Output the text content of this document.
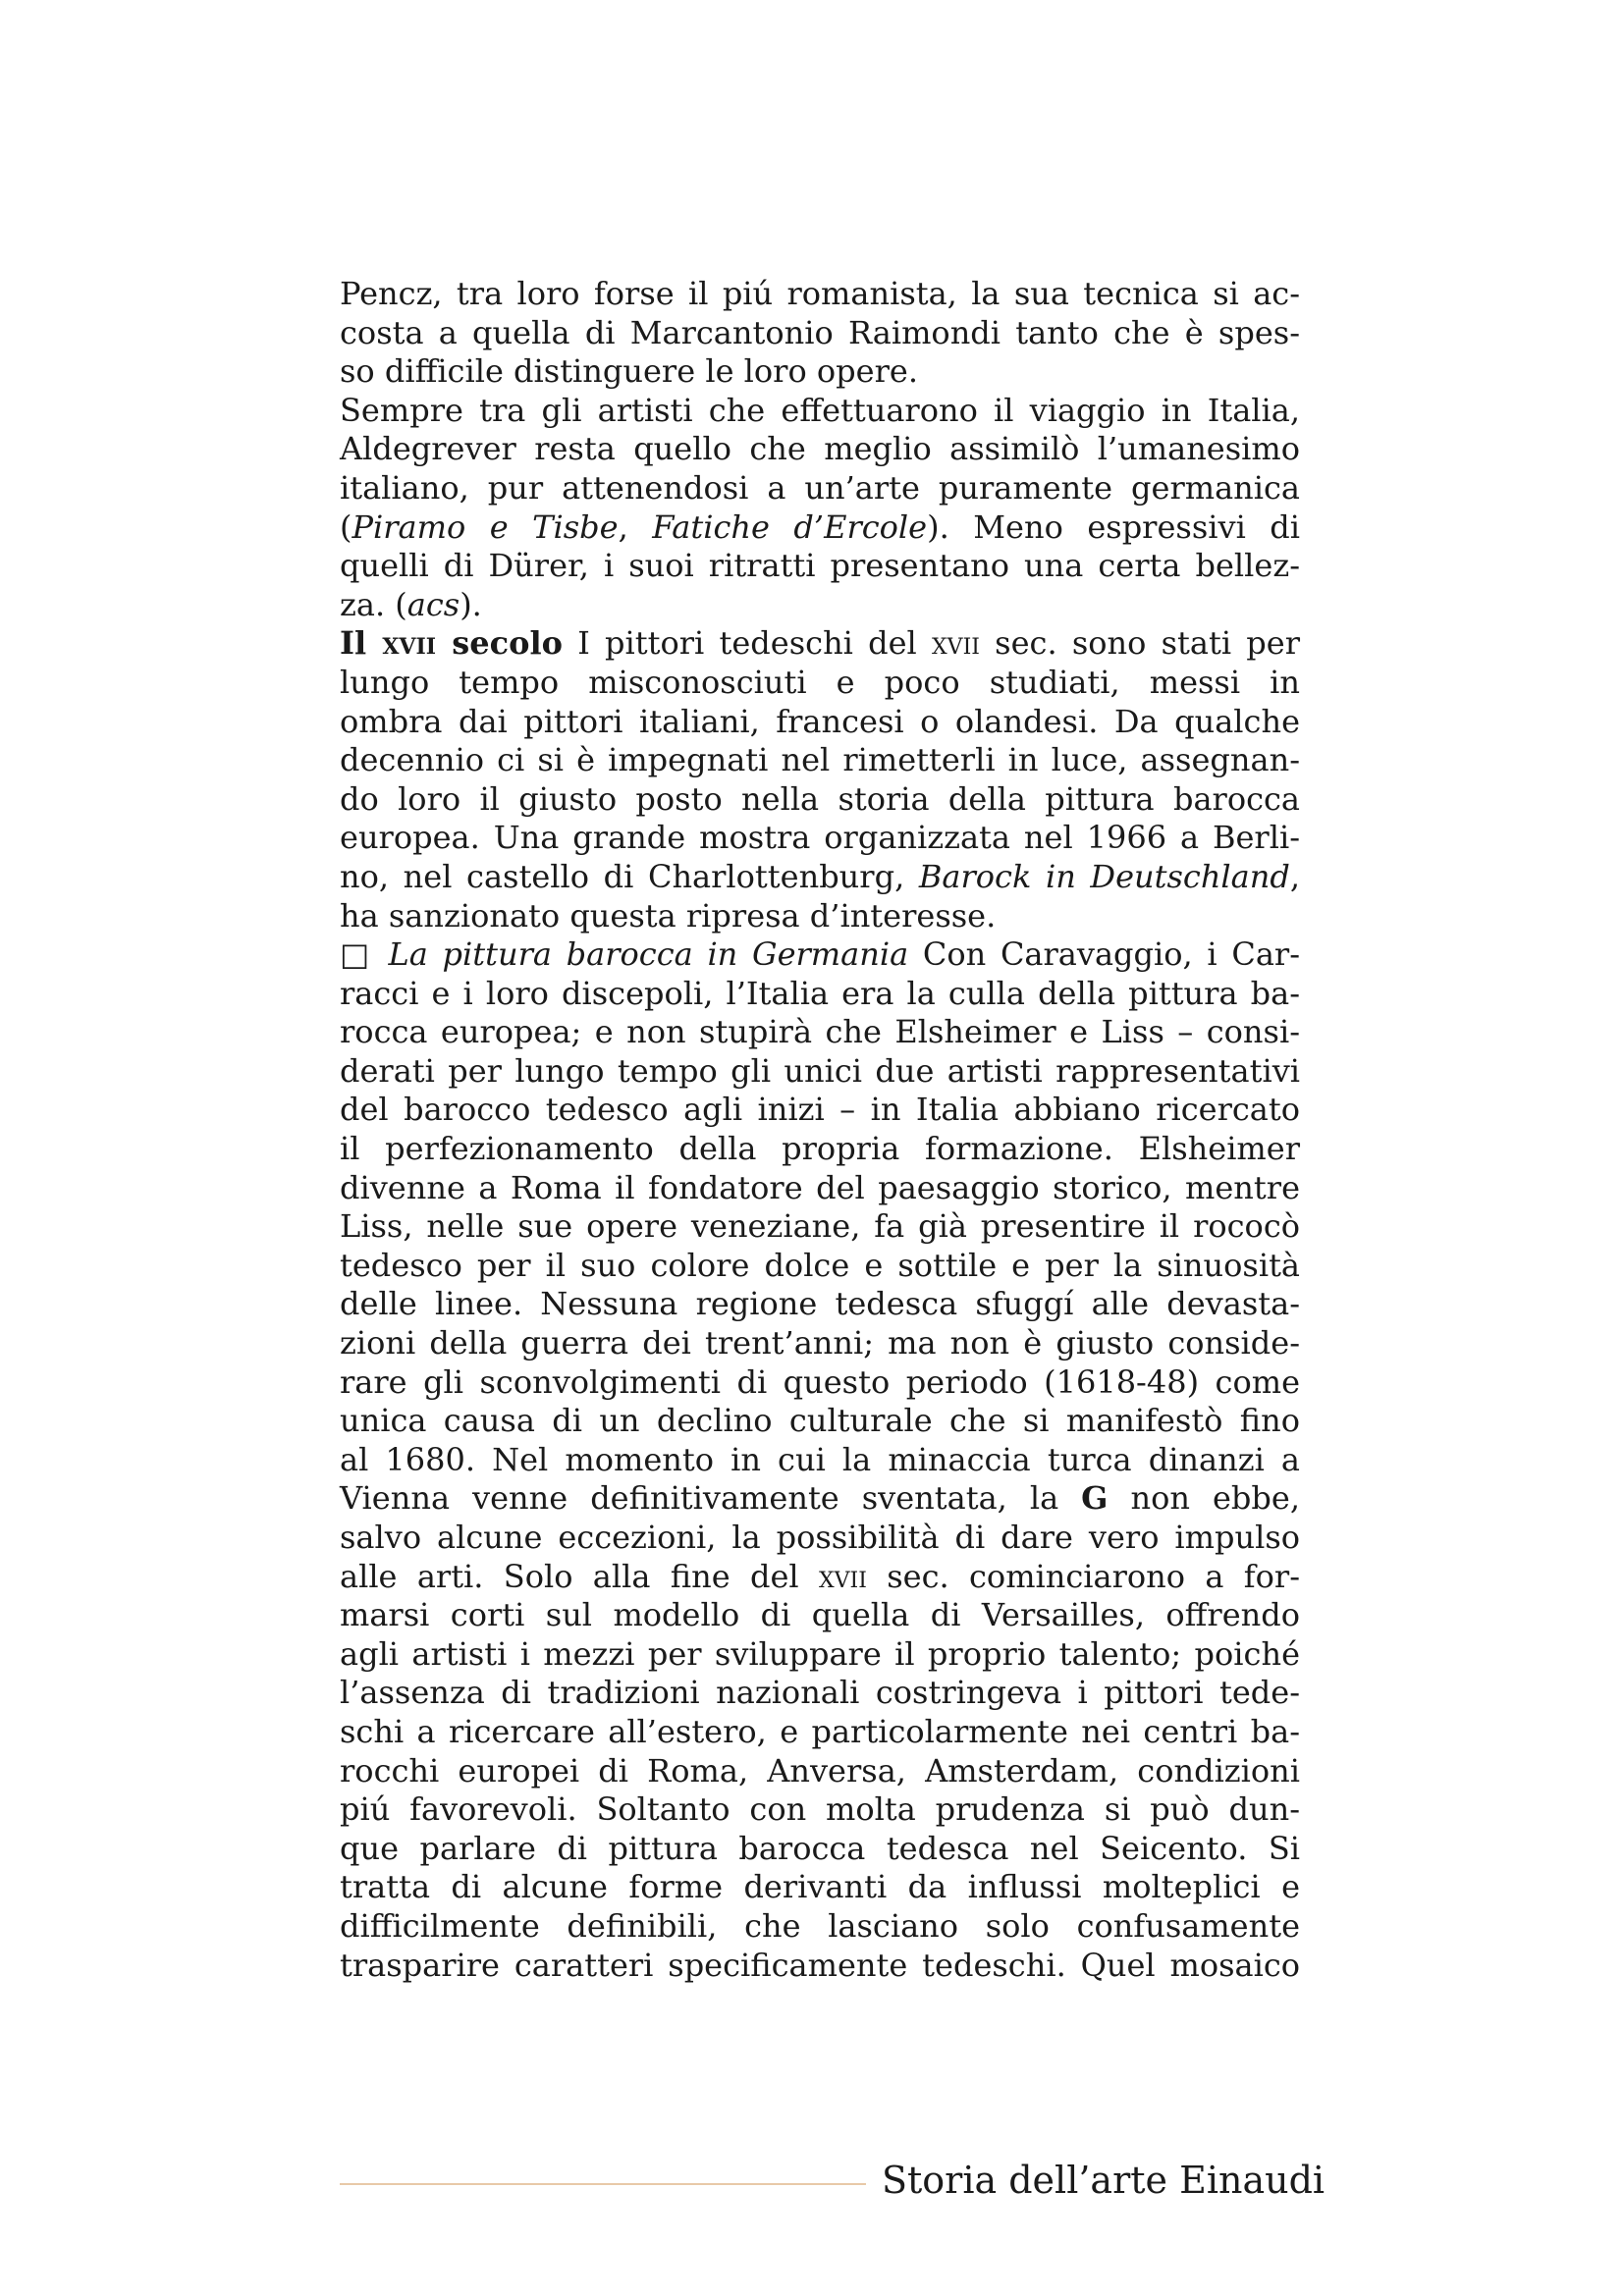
Pencz, tra loro forse il piú romanista, la sua tecnica si ac-
costa a quella di Marcantonio Raimondi tanto che è spes-
so difficile distinguere le loro opere.
Sempre tra gli artisti che effettuarono il viaggio in Italia,
Aldegrever resta quello che meglio assimilò l’umanesimo
italiano, pur attenendosi a un’arte puramente germanica
(Piramo e Tisbe, Fatiche d’Ercole). Meno espressivi di
quelli di Dürer, i suoi ritratti presentano una certa bellez-
za. (acs).
Il xvii secolo I pittori tedeschi del xvii sec. sono stati per
lungo tempo misconosciuti e poco studiati, messi in
ombra dai pittori italiani, francesi o olandesi. Da qualche
decennio ci si è impegnati nel rimetterli in luce, assegnan-
do loro il giusto posto nella storia della pittura barocca
europea. Una grande mostra organizzata nel 1966 a Berli-
no, nel castello di Charlottenburg, Barock in Deutschland,
ha sanzionato questa ripresa d’interesse.
□ La pittura barocca in Germania Con Caravaggio, i Car-
racci e i loro discepoli, l’Italia era la culla della pittura ba-
rocca europea; e non stupirà che Elsheimer e Liss – consi-
derati per lungo tempo gli unici due artisti rappresentativi
del barocco tedesco agli inizi – in Italia abbiano ricercato
il perfezionamento della propria formazione. Elsheimer
divenne a Roma il fondatore del paesaggio storico, mentre
Liss, nelle sue opere veneziane, fa già presentire il rococò
tedesco per il suo colore dolce e sottile e per la sinuosità
delle linee. Nessuna regione tedesca sfuggí alle devasta-
zioni della guerra dei trent’anni; ma non è giusto conside-
rare gli sconvolgimenti di questo periodo (1618-48) come
unica causa di un declino culturale che si manifestò fino
al 1680. Nel momento in cui la minaccia turca dinanzi a
Vienna venne definitivamente sventata, la G non ebbe,
salvo alcune eccezioni, la possibilità di dare vero impulso
alle arti. Solo alla fine del xvii sec. cominciarono a for-
marsi corti sul modello di quella di Versailles, offrendo
agli artisti i mezzi per sviluppare il proprio talento; poiché
l’assenza di tradizioni nazionali costringeva i pittori tede-
schi a ricercare all’estero, e particolarmente nei centri ba-
rocchi europei di Roma, Anversa, Amsterdam, condizioni
piú favorevoli. Soltanto con molta prudenza si può dun-
que parlare di pittura barocca tedesca nel Seicento. Si
tratta di alcune forme derivanti da influssi molteplici e
difficilmente definibili, che lasciano solo confusamente
trasparire caratteri specificamente tedeschi. Quel mosaico
Storia dell’arte Einaudi
